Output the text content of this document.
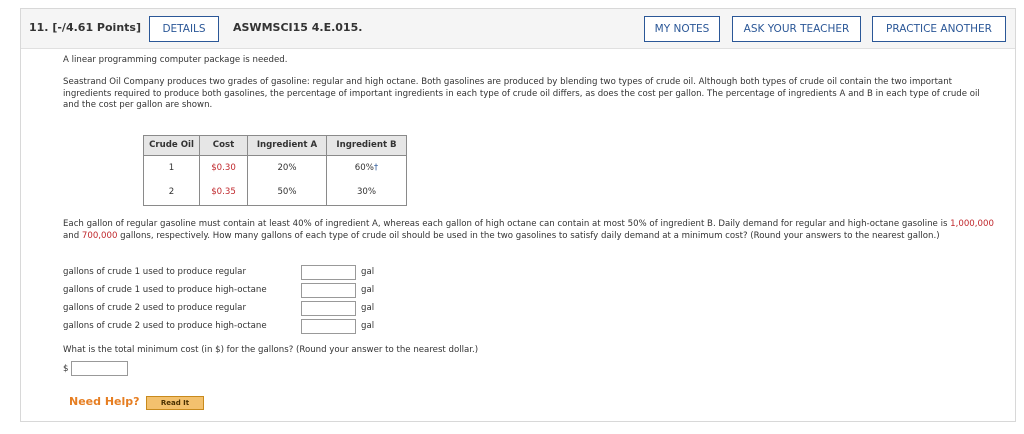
11. [-/4.61 Points]	DETAILS	ASWMSCI15 4.E.015.	MY NOTES	ASK YOUR TEACHER	PRACTICE ANOTHER
A linear programming computer package is needed.
Seastrand Oil Company produces two grades of gasoline: regular and high octane. Both gasolines are produced by blending two types of crude oil. Although both types of crude oil contain the two important ingredients required to produce both gasolines, the percentage of important ingredients in each type of crude oil differs, as does the cost per gallon. The percentage of ingredients A and B in each type of crude oil and the cost per gallon are shown.
Crude Oil	Cost	Ingredient A	Ingredient B
1	$0.30	20%	60%†
2	$0.35	50%	30%
Each gallon of regular gasoline must contain at least 40% of ingredient A, whereas each gallon of high octane can contain at most 50% of ingredient B. Daily demand for regular and high-octane gasoline is 1,000,000 and 700,000 gallons, respectively. How many gallons of each type of crude oil should be used in the two gasolines to satisfy daily demand at a minimum cost? (Round your answers to the nearest gallon.)
gallons of crude 1 used to produce regular	gal
gallons of crude 1 used to produce high-octane	gal
gallons of crude 2 used to produce regular	gal
gallons of crude 2 used to produce high-octane	gal
What is the total minimum cost (in $) for the gallons? (Round your answer to the nearest dollar.)
$
Need Help?	Read It
